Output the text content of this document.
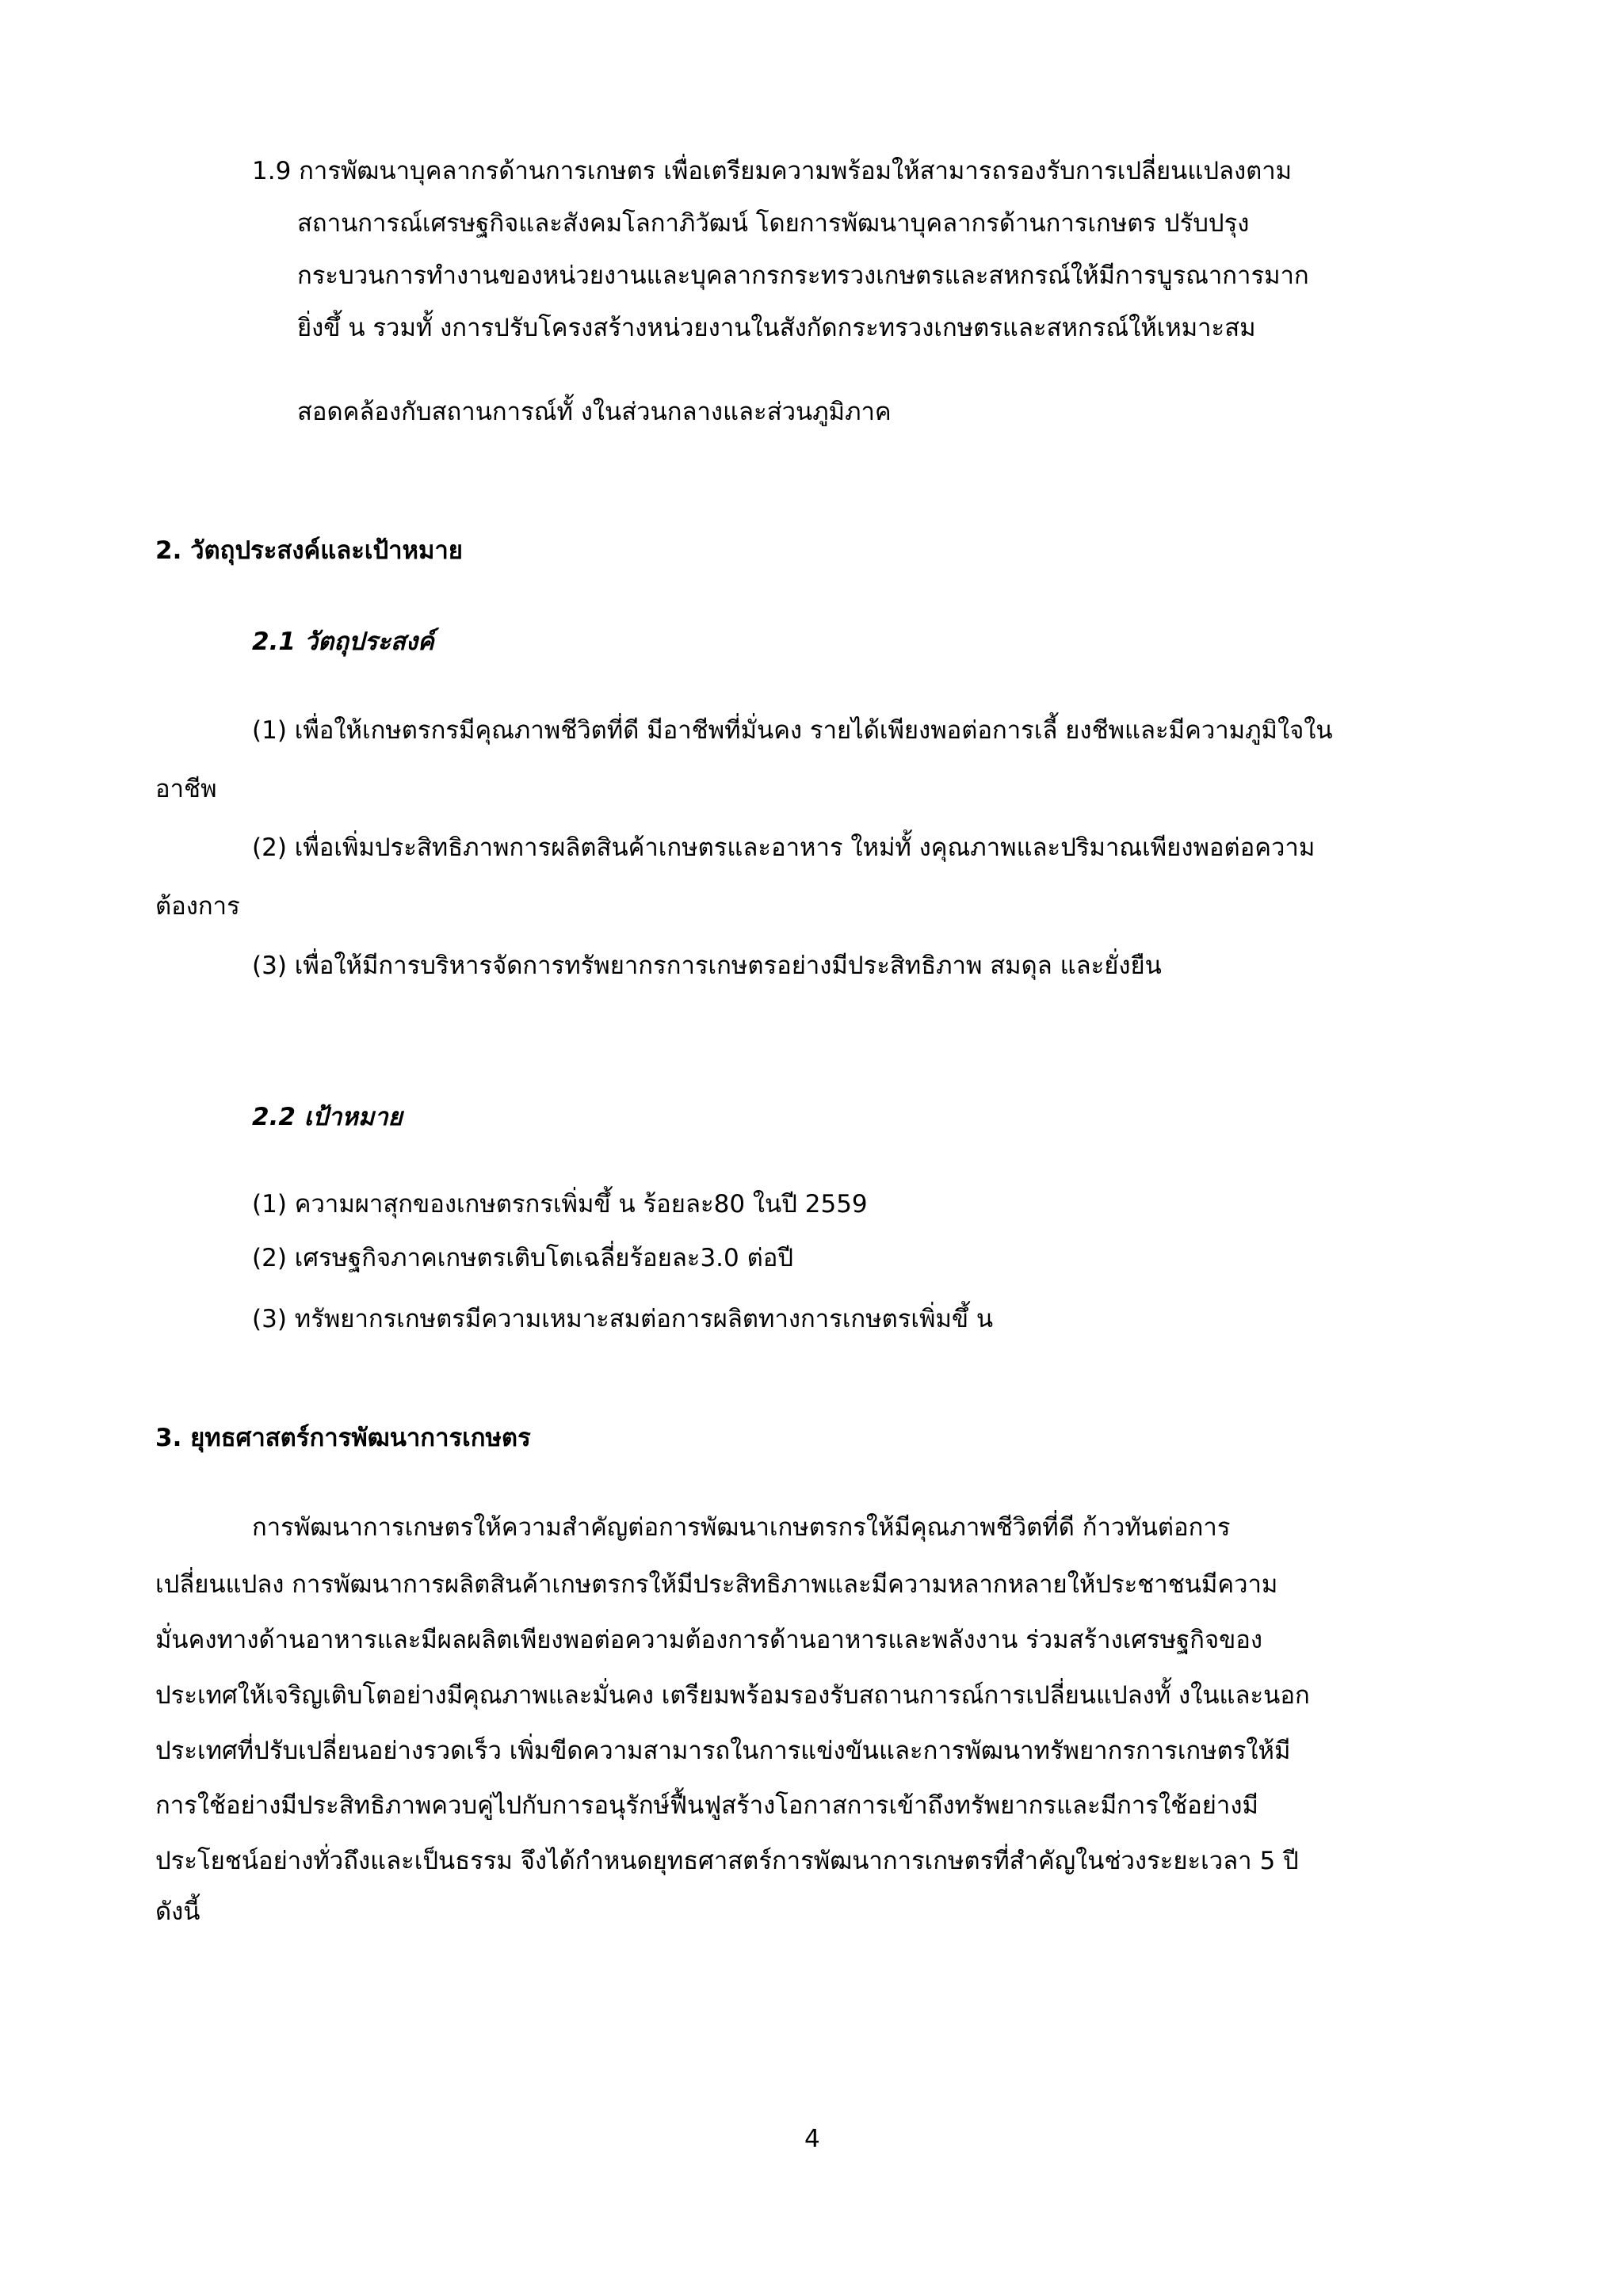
1.9 การพัฒนาบุคลากรด้านการเกษตร เพื่อเตรียมความพร้อมให้สามารถรองรับการเปลี่ยนแปลงตาม
สถานการณ์เศรษฐกิจและสังคมโลกาภิวัฒน์ โดยการพัฒนาบุคลากรด้านการเกษตร ปรับปรุง
กระบวนการทำงานของหน่วยงานและบุคลากรกระทรวงเกษตรและสหกรณ์ให้มีการบูรณาการมาก
ยิ่งขึ้ น รวมทั้ งการปรับโครงสร้างหน่วยงานในสังกัดกระทรวงเกษตรและสหกรณ์ให้เหมาะสม
สอดคล้องกับสถานการณ์ทั้ งในส่วนกลางและส่วนภูมิภาค
2. วัตถุประสงค์และเป้าหมาย
2.1 วัตถุประสงค์
(1) เพื่อให้เกษตรกรมีคุณภาพชีวิตที่ดี มีอาชีพที่มั่นคง รายได้เพียงพอต่อการเลี้ ยงชีพและมีความภูมิใจใน
อาชีพ
(2) เพื่อเพิ่มประสิทธิภาพการผลิตสินค้าเกษตรและอาหาร ใหม่ทั้ งคุณภาพและปริมาณเพียงพอต่อความ
ต้องการ
(3) เพื่อให้มีการบริหารจัดการทรัพยากรการเกษตรอย่างมีประสิทธิภาพ สมดุล และยั่งยืน
2.2 เป้าหมาย
(1) ความผาสุกของเกษตรกรเพิ่มขึ้ น ร้อยละ80 ในปี 2559
(2) เศรษฐกิจภาคเกษตรเติบโตเฉลี่ยร้อยละ3.0 ต่อปี
(3) ทรัพยากรเกษตรมีความเหมาะสมต่อการผลิตทางการเกษตรเพิ่มขึ้ น
3. ยุทธศาสตร์การพัฒนาการเกษตร
การพัฒนาการเกษตรให้ความสำคัญต่อการพัฒนาเกษตรกรให้มีคุณภาพชีวิตที่ดี ก้าวทันต่อการ
เปลี่ยนแปลง การพัฒนาการผลิตสินค้าเกษตรกรให้มีประสิทธิภาพและมีความหลากหลายให้ประชาชนมีความ
มั่นคงทางด้านอาหารและมีผลผลิตเพียงพอต่อความต้องการด้านอาหารและพลังงาน ร่วมสร้างเศรษฐกิจของ
ประเทศให้เจริญเติบโตอย่างมีคุณภาพและมั่นคง เตรียมพร้อมรองรับสถานการณ์การเปลี่ยนแปลงทั้ งในและนอก
ประเทศที่ปรับเปลี่ยนอย่างรวดเร็ว เพิ่มขีดความสามารถในการแข่งขันและการพัฒนาทรัพยากรการเกษตรให้มี
การใช้อย่างมีประสิทธิภาพควบคู่ไปกับการอนุรักษ์ฟื้นฟูสร้างโอกาสการเข้าถึงทรัพยากรและมีการใช้อย่างมี
ประโยชน์อย่างทั่วถึงและเป็นธรรม จึงได้กำหนดยุทธศาสตร์การพัฒนาการเกษตรที่สำคัญในช่วงระยะเวลา 5 ปี
ดังนี้
4
